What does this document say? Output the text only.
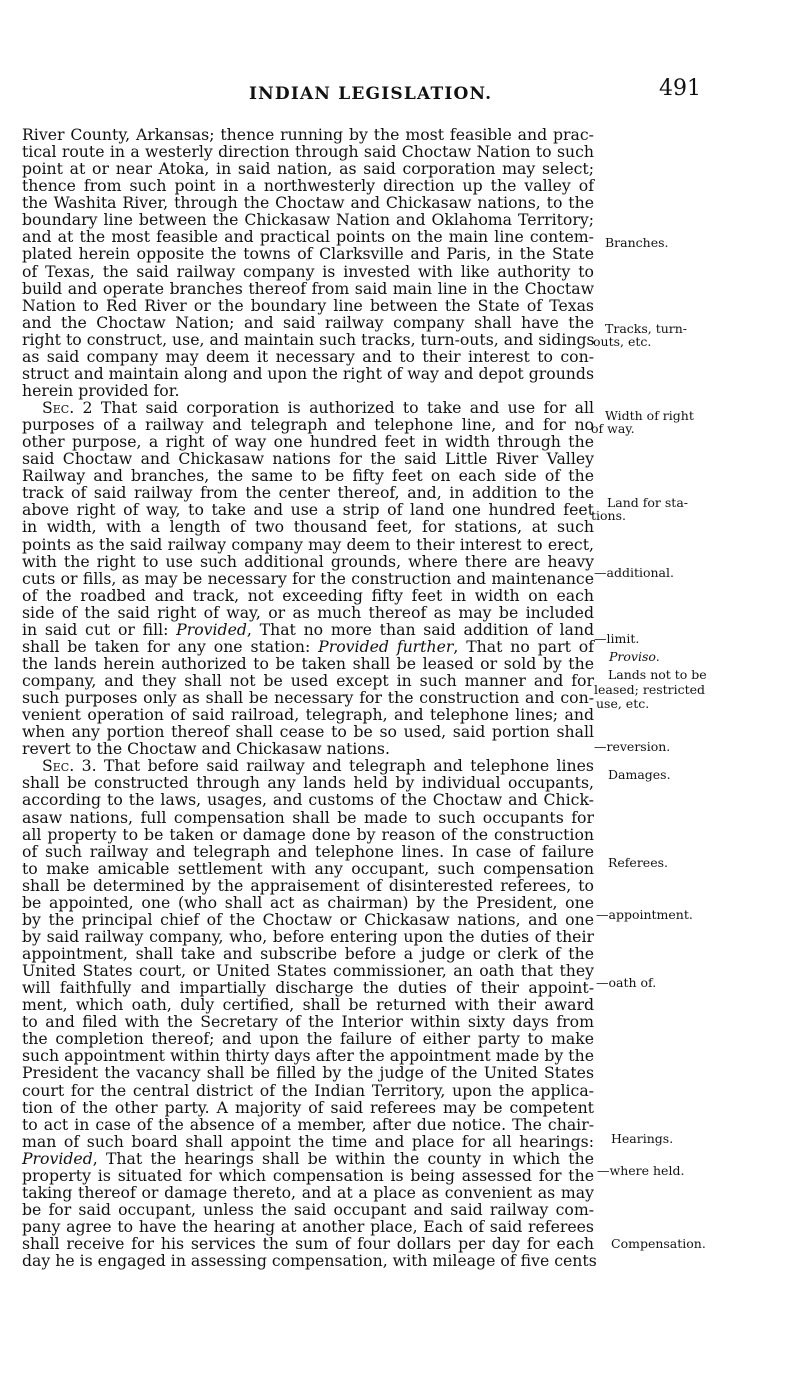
INDIAN LEGISLATION.	491
River County, Arkansas; thence running by the most feasible and prac-
tical route in a westerly direction through said Choctaw Nation to such
point at or near Atoka, in said nation, as said corporation may select;
thence from such point in a northwesterly direction up the valley of
the Washita River, through the Choctaw and Chickasaw nations, to the
boundary line between the Chickasaw Nation and Oklahoma Territory;
and at the most feasible and practical points on the main line contem-
plated herein opposite the towns of Clarksville and Paris, in the State
of Texas, the said railway company is invested with like authority to
build and operate branches thereof from said main line in the Choctaw
Nation to Red River or the boundary line between the State of Texas
and the Choctaw Nation; and said railway company shall have the
right to construct, use, and maintain such tracks, turn-outs, and sidings
as said company may deem it necessary and to their interest to con-
struct and maintain along and upon the right of way and depot grounds
herein provided for.
Sec. 2 That said corporation is authorized to take and use for all
purposes of a railway and telegraph and telephone line, and for no
other purpose, a right of way one hundred feet in width through the
said Choctaw and Chickasaw nations for the said Little River Valley
Railway and branches, the same to be fifty feet on each side of the
track of said railway from the center thereof, and, in addition to the
above right of way, to take and use a strip of land one hundred feet
in width, with a length of two thousand feet, for stations, at such
points as the said railway company may deem to their interest to erect,
with the right to use such additional grounds, where there are heavy
cuts or fills, as may be necessary for the construction and maintenance
of the roadbed and track, not exceeding fifty feet in width on each
side of the said right of way, or as much thereof as may be included
in said cut or fill: Provided, That no more than said addition of land
shall be taken for any one station: Provided further, That no part of
the lands herein authorized to be taken shall be leased or sold by the
company, and they shall not be used except in such manner and for
such purposes only as shall be necessary for the construction and con-
venient operation of said railroad, telegraph, and telephone lines; and
when any portion thereof shall cease to be so used, said portion shall
revert to the Choctaw and Chickasaw nations.
Sec. 3. That before said railway and telegraph and telephone lines
shall be constructed through any lands held by individual occupants,
according to the laws, usages, and customs of the Choctaw and Chick-
asaw nations, full compensation shall be made to such occupants for
all property to be taken or damage done by reason of the construction
of such railway and telegraph and telephone lines. In case of failure
to make amicable settlement with any occupant, such compensation
shall be determined by the appraisement of disinterested referees, to
be appointed, one (who shall act as chairman) by the President, one
by the principal chief of the Choctaw or Chickasaw nations, and one
by said railway company, who, before entering upon the duties of their
appointment, shall take and subscribe before a judge or clerk of the
United States court, or United States commissioner, an oath that they
will faithfully and impartially discharge the duties of their appoint-
ment, which oath, duly certified, shall be returned with their award
to and filed with the Secretary of the Interior within sixty days from
the completion thereof; and upon the failure of either party to make
such appointment within thirty days after the appointment made by the
President the vacancy shall be filled by the judge of the United States
court for the central district of the Indian Territory, upon the applica-
tion of the other party. A majority of said referees may be competent
to act in case of the absence of a member, after due notice. The chair-
man of such board shall appoint the time and place for all hearings:
Provided, That the hearings shall be within the county in which the
property is situated for which compensation is being assessed for the
taking thereof or damage thereto, and at a place as convenient as may
be for said occupant, unless the said occupant and said railway com-
pany agree to have the hearing at another place, Each of said referees
shall receive for his services the sum of four dollars per day for each
day he is engaged in assessing compensation, with mileage of five cents
Branches.
Tracks, turn-
outs, etc.
Width of right
of way.
Land for sta-
tions.
—additional.
—limit.
Proviso.
Lands not to be
leased; restricted
use, etc.
—reversion.
Damages.
Referees.
—appointment.
—oath of.
Hearings.
—where held.
Compensation.
